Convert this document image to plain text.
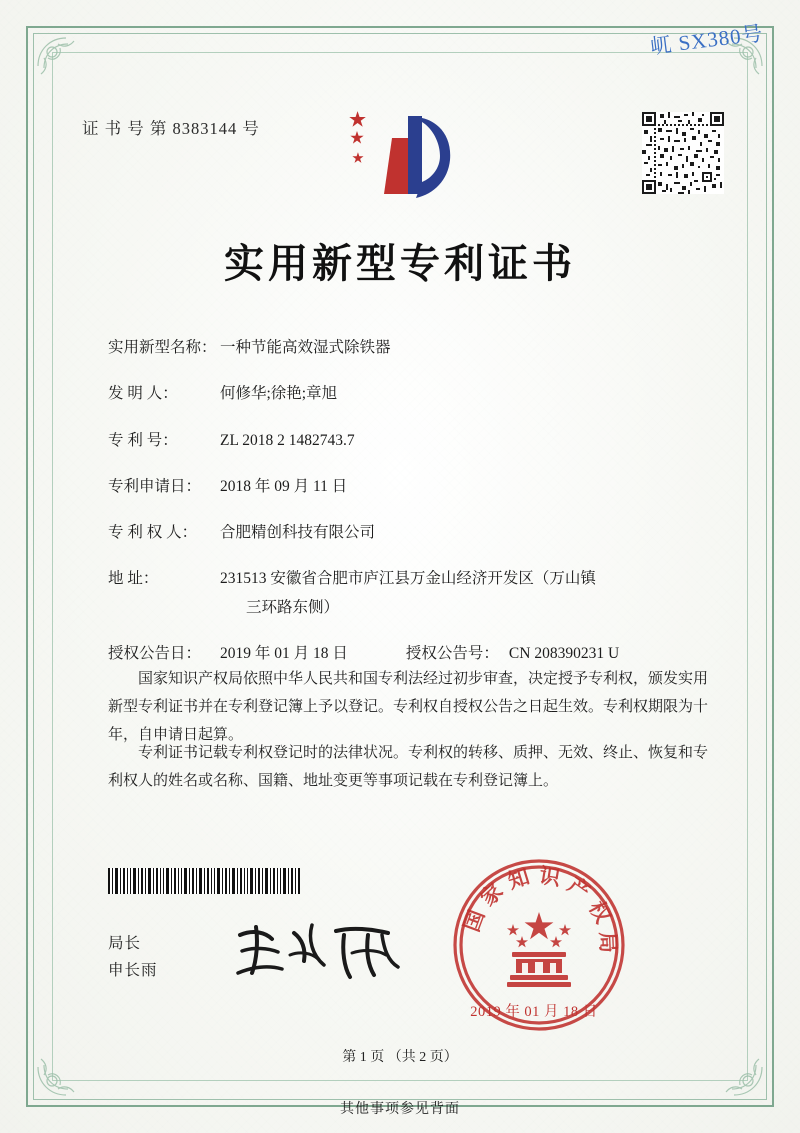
屼 SX380号
证 书 号 第 8383144 号
实用新型专利证书
实用新型名称： 一种节能高效湿式除铁器
发 明 人：	何修华;徐艳;章旭
专 利 号：	ZL 2018 2 1482743.7
专利申请日：	2018 年 09 月 11 日
专 利 权 人：	合肥精创科技有限公司
地 址：	231513 安徽省合肥市庐江县万金山经济开发区（万山镇
三环路东侧）
授权公告日：	2019 年 01 月 18 日	授权公告号： CN 208390231 U
国家知识产权局依照中华人民共和国专利法经过初步审查，决定授予专利权，颁发实用新型专利证书并在专利登记簿上予以登记。专利权自授权公告之日起生效。专利权期限为十年，自申请日起算。
专利证书记载专利权登记时的法律状况。专利权的转移、质押、无效、终止、恢复和专利权人的姓名或名称、国籍、地址变更等事项记载在专利登记簿上。
国 家 知 识 产 权 局
2019 年 01 月 18 日
局长
申长雨
第 1 页 （共 2 页）
其他事项参见背面
